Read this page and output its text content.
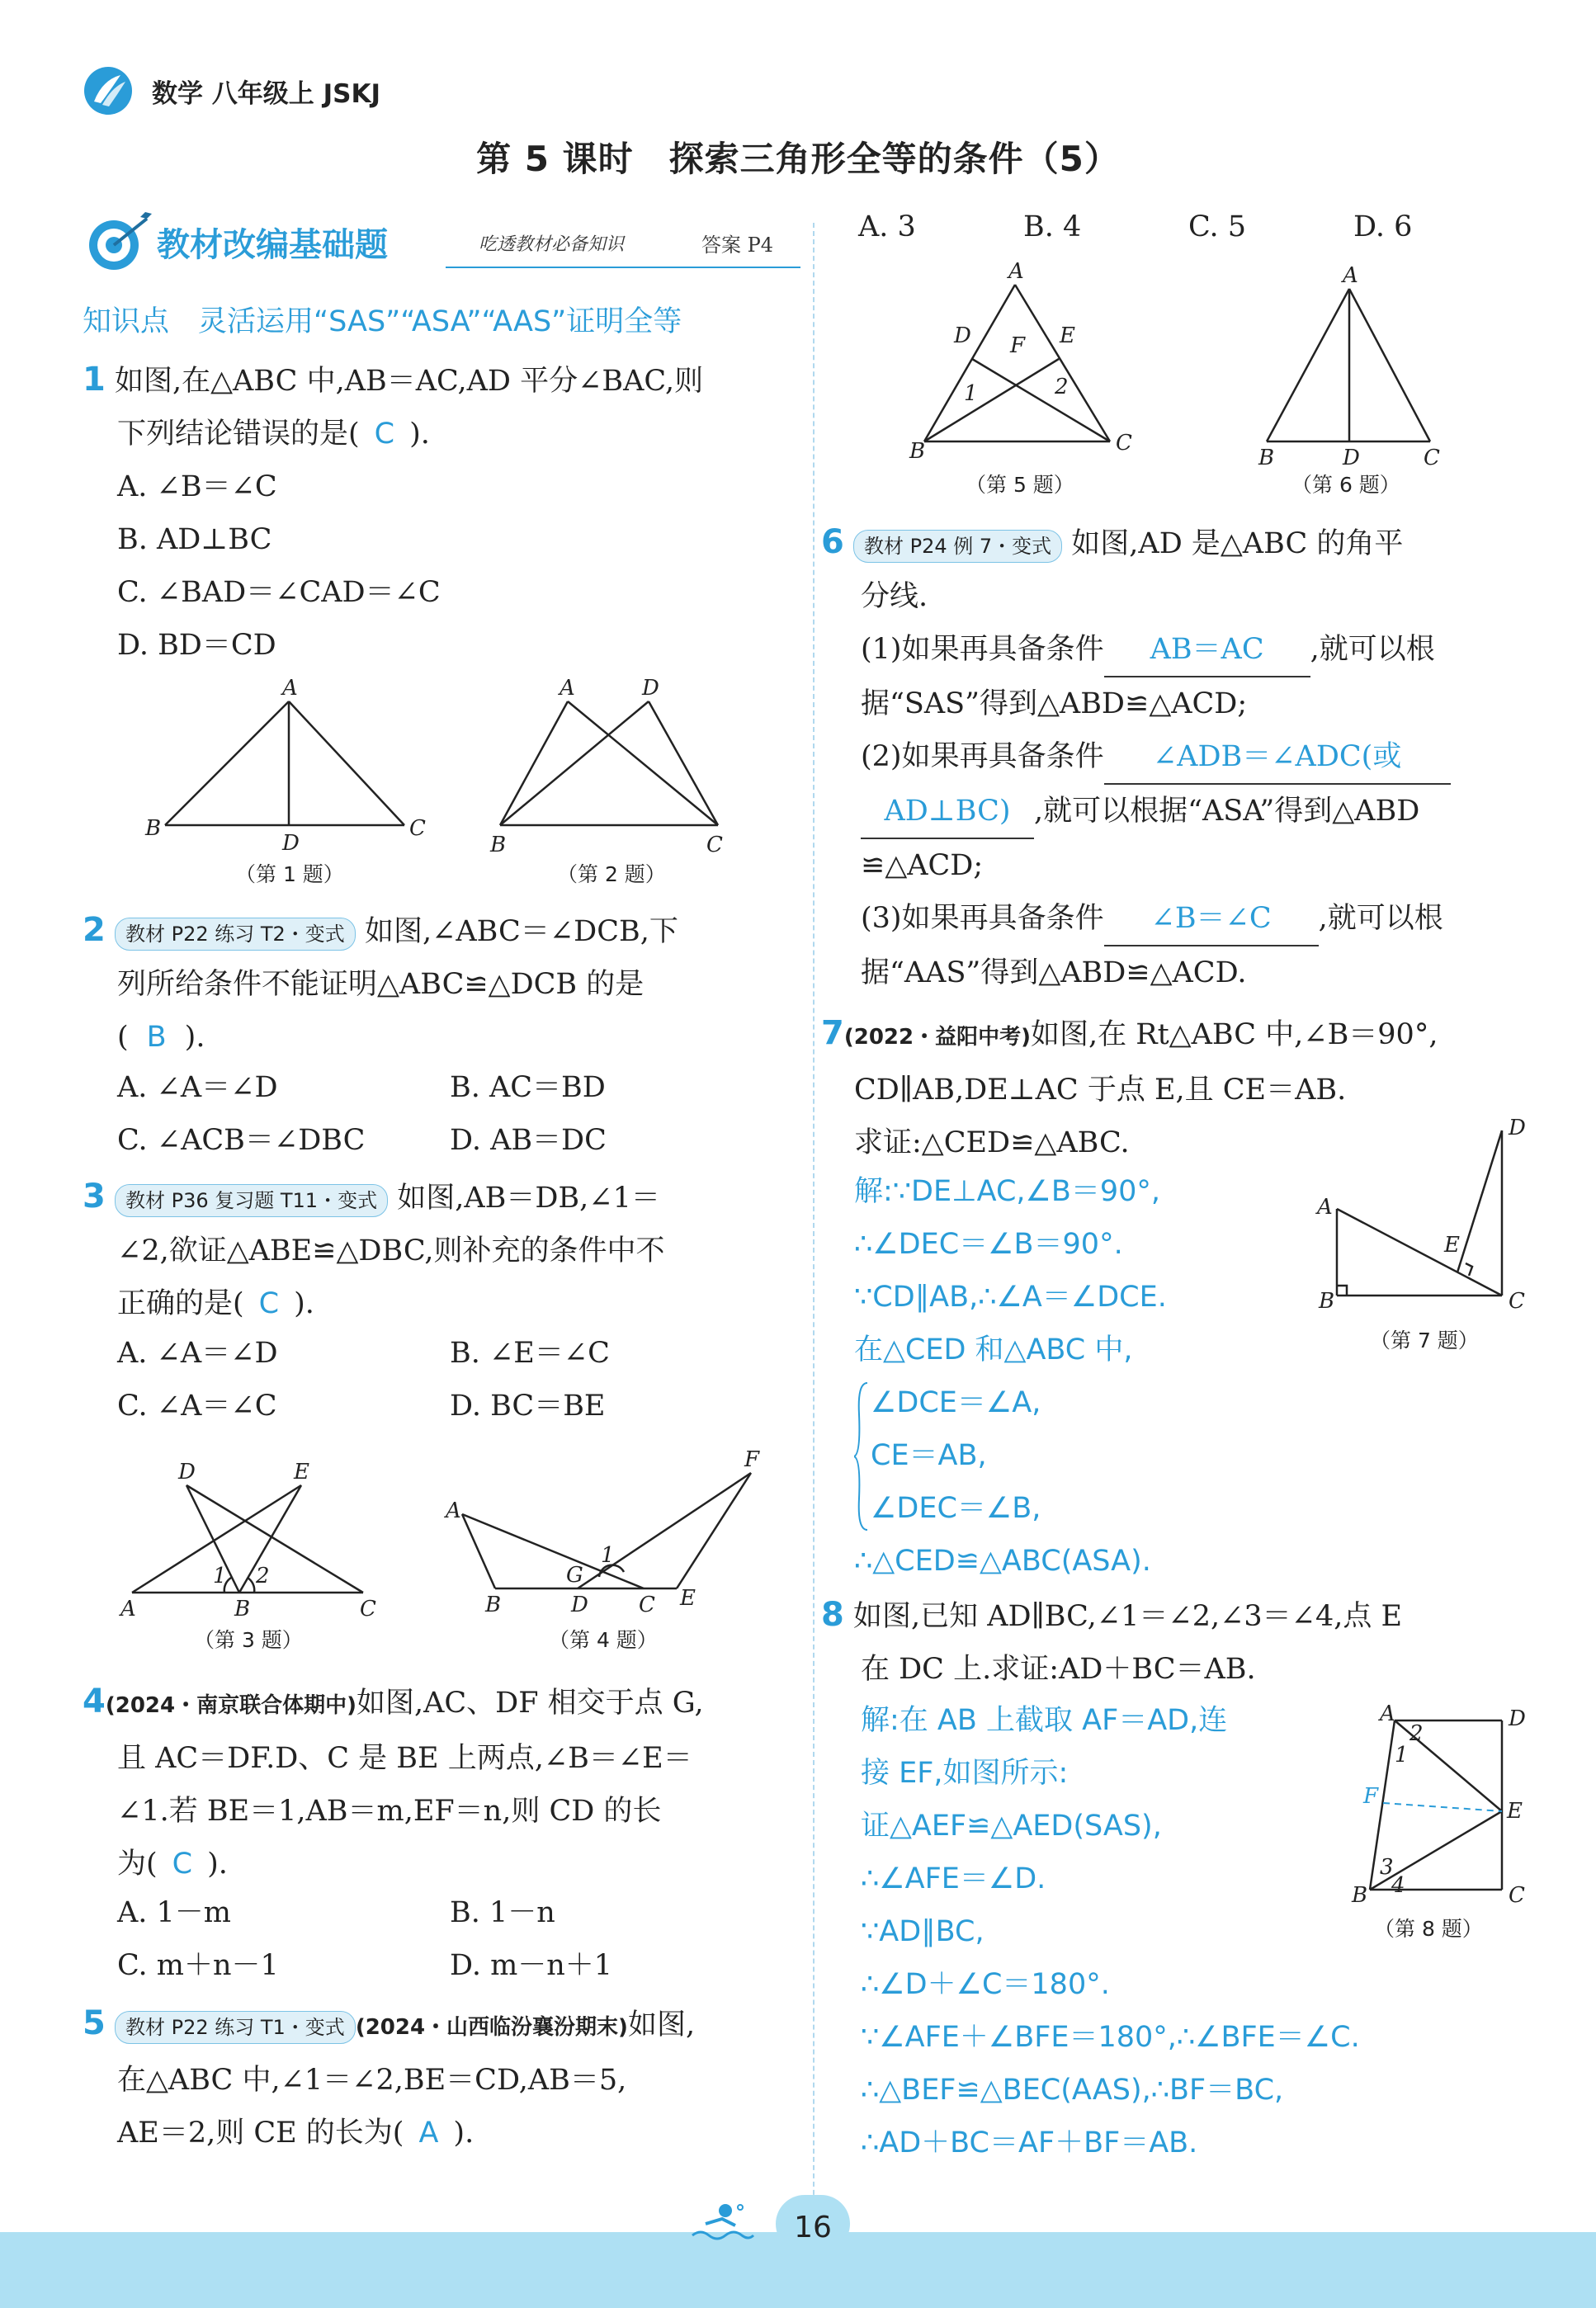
数学 八年级上 JSKJ
第 5 课时　探索三角形全等的条件（5）
教材改编基础题	吃透教材必备知识	答案 P4
知识点　灵活运用“SAS”“ASA”“AAS”证明全等
1 如图,在△ABC 中,AB＝AC,AD 平分∠BAC,则
下列结论错误的是( C ).
A. ∠B＝∠C
B. AD⊥BC
C. ∠BAD＝∠CAD＝∠C
D. BD＝CD
A
B
D
C
（第 1 题）
A	D
B	C
（第 2 题）
2 教材 P22 练习 T2・变式 如图,∠ABC＝∠DCB,下
列所给条件不能证明△ABC≌△DCB 的是
( B ).
A. ∠A＝∠D	B. AC＝BD
C. ∠ACB＝∠DBC	D. AB＝DC
3 教材 P36 复习题 T11・变式 如图,AB＝DB,∠1＝
∠2,欲证△ABE≌△DBC,则补充的条件中不
正确的是( C ).
A. ∠A＝∠D	B. ∠E＝∠C
C. ∠A＝∠C	D. BC＝BE
D	E
1 2
A	B	C
（第 3 题）
F
A
1
G
B	D C E
（第 4 题）
4(2024・南京联合体期中)如图,AC、DF 相交于点 G,
且 AC＝DF.D、C 是 BE 上两点,∠B＝∠E＝
∠1.若 BE＝1,AB＝m,EF＝n,则 CD 的长
为( C ).
A. 1－m	B. 1－n
C. m＋n－1	D. m－n＋1
5 教材 P22 练习 T1・变式 (2024・山西临汾襄汾期末)如图,
在△ABC 中,∠1＝∠2,BE＝CD,AB＝5,
AE＝2,则 CE 的长为( A ).
A. 3	B. 4	C. 5	D. 6
A
D	E
F
1	2
B	C
（第 5 题）
A
B	D	C
（第 6 题）
6 教材 P24 例 7・变式 如图,AD 是△ABC 的角平
分线.
(1)如果再具备条件 AB＝AC ,就可以根
据“SAS”得到△ABD≌△ACD;
(2)如果再具备条件 ∠ADB＝∠ADC(或
AD⊥BC) ,就可以根据“ASA”得到△ABD
≌△ACD;
(3)如果再具备条件 ∠B＝∠C ,就可以根
据“AAS”得到△ABD≌△ACD.
7(2022・益阳中考)如图,在 Rt△ABC 中,∠B＝90°,
CD∥AB,DE⊥AC 于点 E,且 CE＝AB.
求证:△CED≌△ABC.
解:∵DE⊥AC,∠B＝90°,
∴∠DEC＝∠B＝90°.
∵CD∥AB,∴∠A＝∠DCE.
在△CED 和△ABC 中,
∠DCE＝∠A,
CE＝AB,
∠DEC＝∠B,
∴△CED≌△ABC(ASA).
D
A
E
B	C
（第 7 题）
8 如图,已知 AD∥BC,∠1＝∠2,∠3＝∠4,点 E
在 DC 上.求证:AD＋BC＝AB.
解:在 AB 上截取 AF＝AD,连
接 EF,如图所示:
证△AEF≌△AED(SAS),
∴∠AFE＝∠D.
∵AD∥BC,
∴∠D＋∠C＝180°.
∵∠AFE＋∠BFE＝180°,∴∠BFE＝∠C.
∴△BEF≌△BEC(AAS),∴BF＝BC,
∴AD＋BC＝AF＋BF＝AB.
A
2
D
1
F
E
3
B 4	C
（第 8 题）
16
